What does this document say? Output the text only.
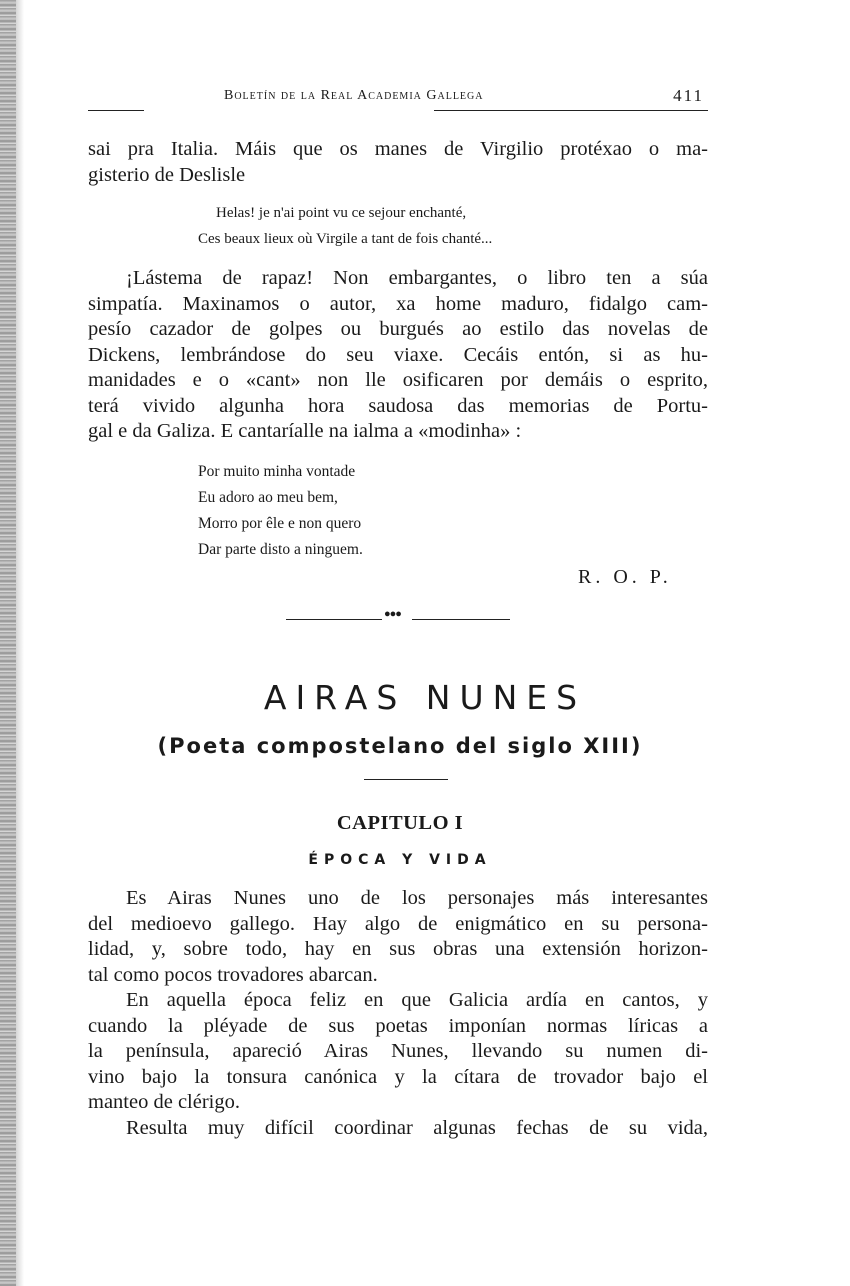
Boletín de la Real Academia Gallega	411

sai pra Italia. Máis que os manes de Virgilio protéxao o ma-
gisterio de Deslisle

Helas! je n'ai point vu ce sejour enchanté,
Ces beaux lieux où Virgile a tant de fois chanté...

¡Lástema de rapaz! Non embargantes, o libro ten a súa
simpatía. Maxinamos o autor, xa home maduro, fidalgo cam-
pesío cazador de golpes ou burgués ao estilo das novelas de
Dickens, lembrándose do seu viaxe. Cecáis entón, si as hu-
manidades e o «cant» non lle osificaren por demáis o esprito,
terá vivido algunha hora saudosa das memorias de Portu-
gal e da Galiza. E cantaríalle na ialma a «modinha» :

Por muito minha vontade
Eu adoro ao meu bem,
Morro por êle e non quero
Dar parte disto a ninguem.
R. O. P.
●●●
AIRAS NUNES
(Poeta compostelano del siglo XIII)
CAPITULO I
ÉPOCA Y VIDA

Es Airas Nunes uno de los personajes más interesantes
del medioevo gallego. Hay algo de enigmático en su persona-
lidad, y, sobre todo, hay en sus obras una extensión horizon-
tal como pocos trovadores abarcan.

En aquella época feliz en que Galicia ardía en cantos, y
cuando la pléyade de sus poetas imponían normas líricas a
la península, apareció Airas Nunes, llevando su numen di-
vino bajo la tonsura canónica y la cítara de trovador bajo el
manteo de clérigo.

Resulta muy difícil coordinar algunas fechas de su vida,
